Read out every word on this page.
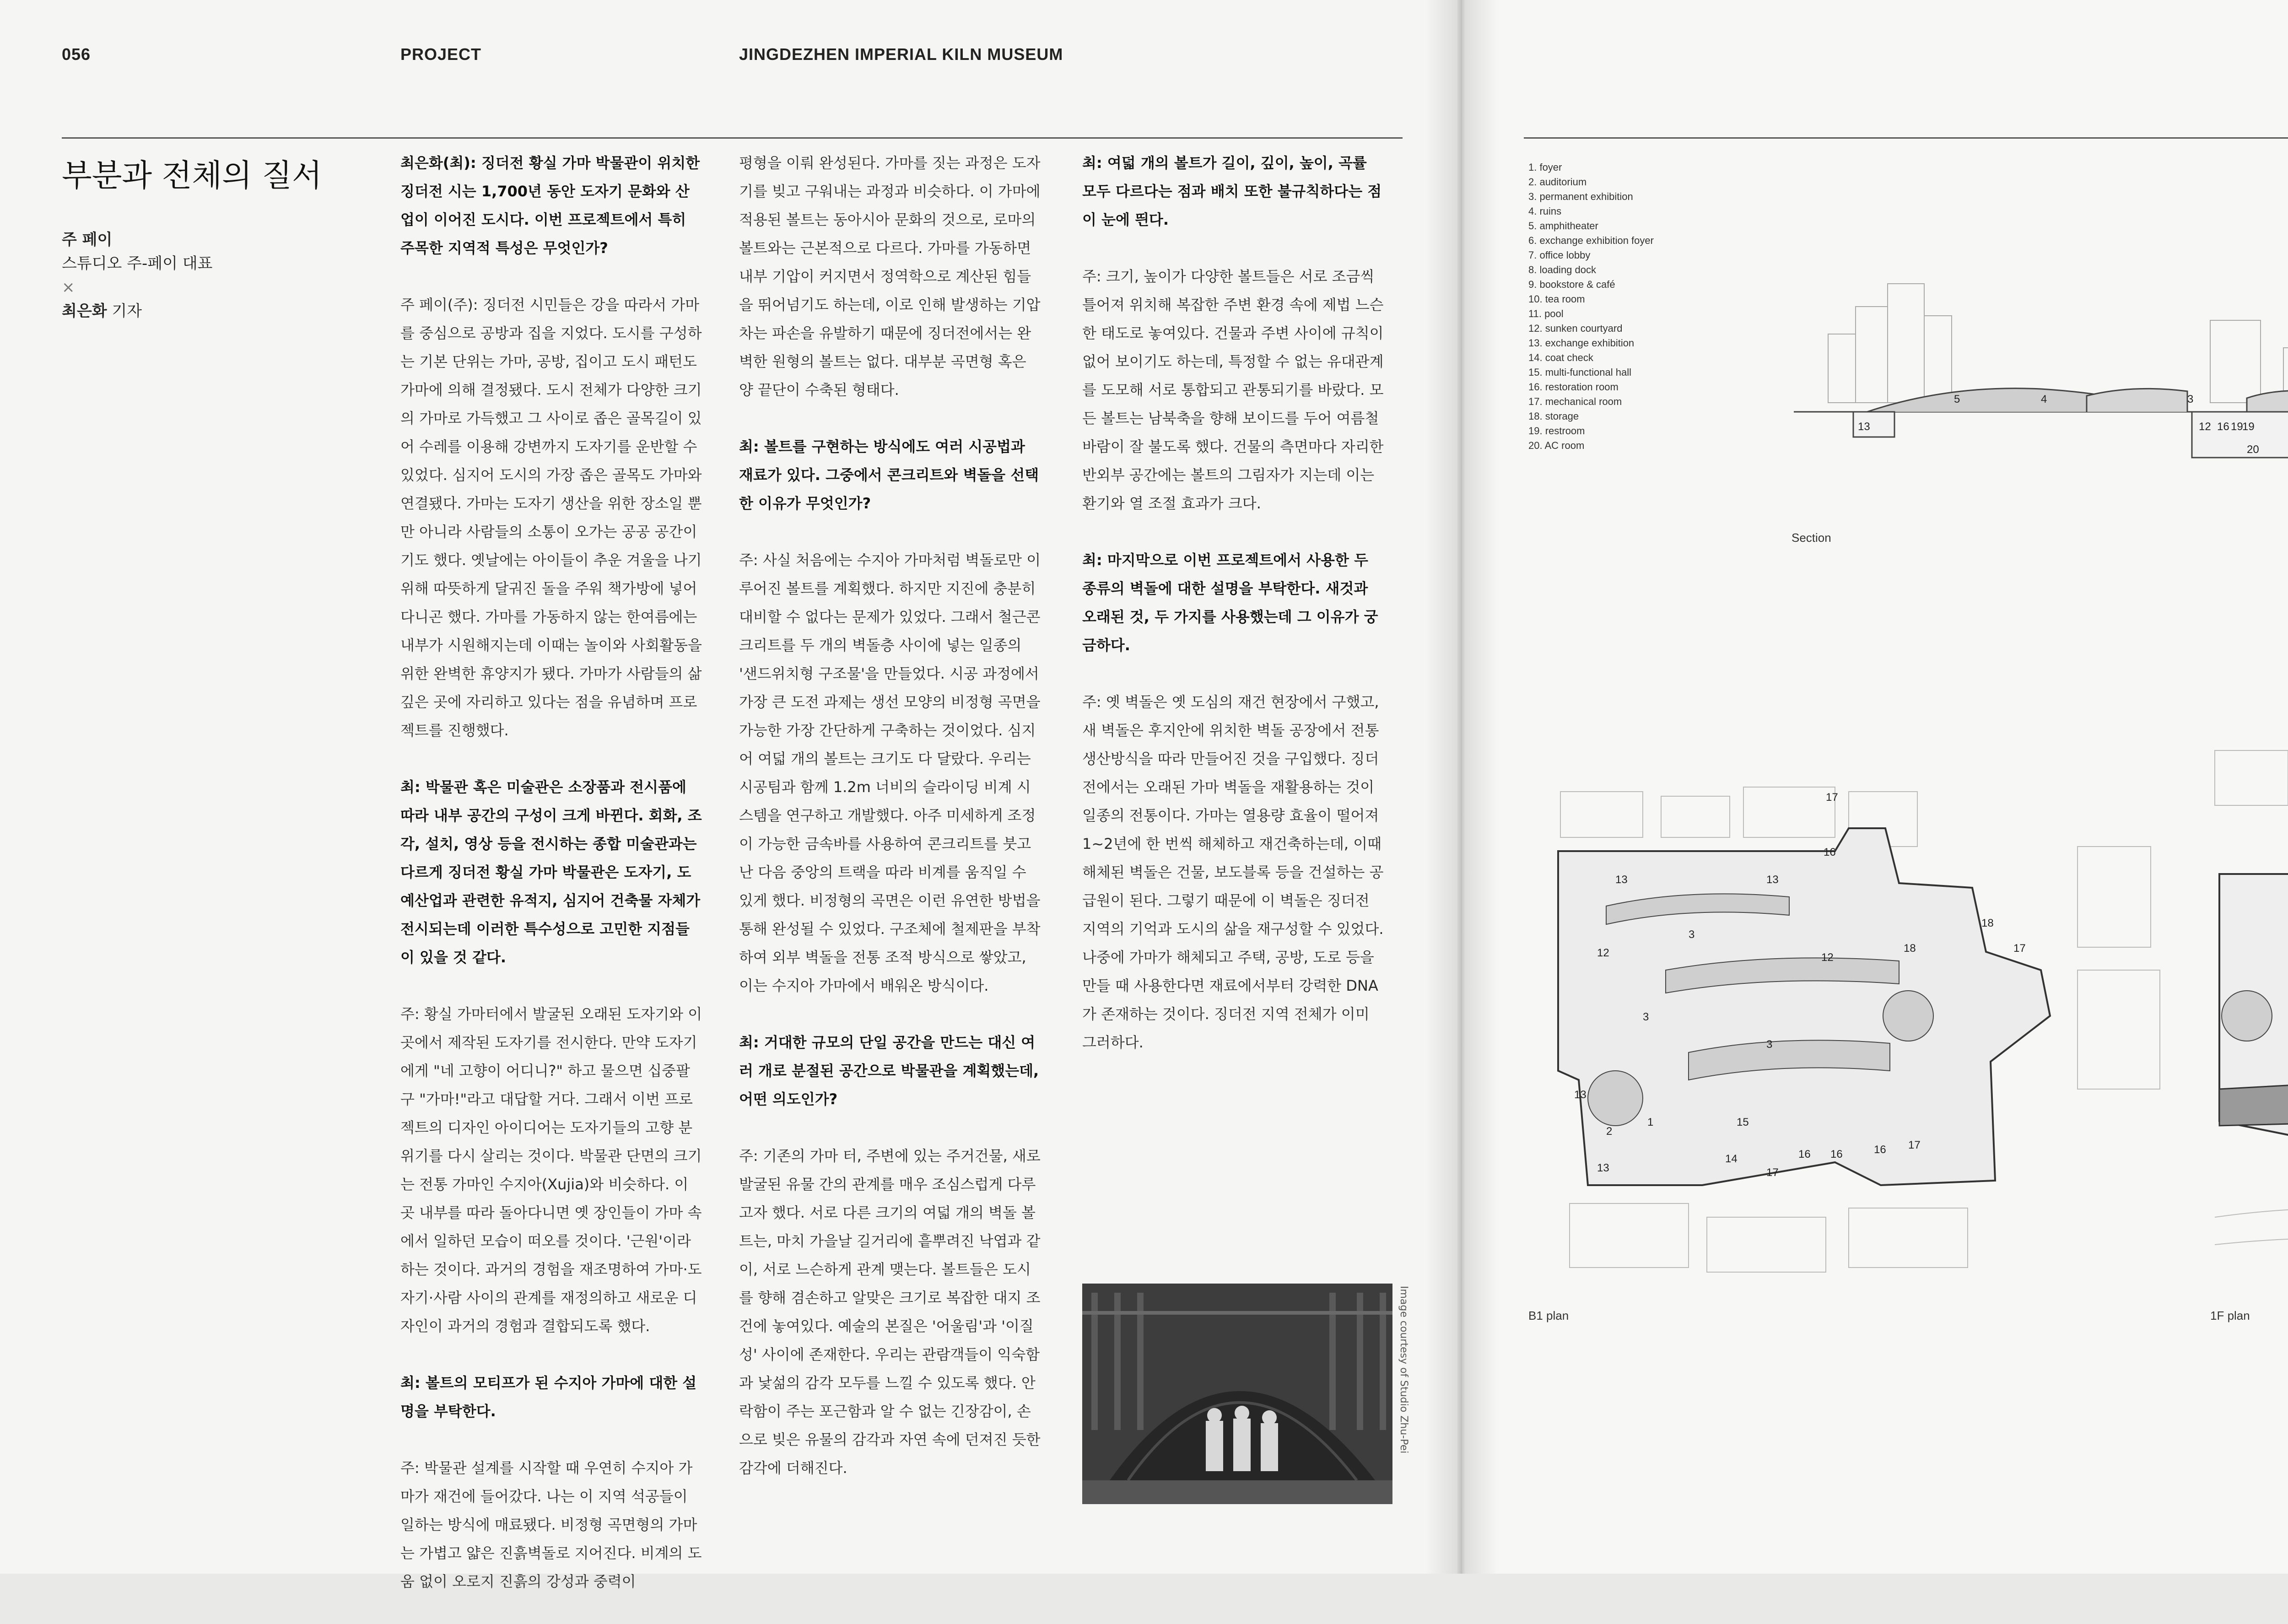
056	PROJECT	JINGDEZHEN IMPERIAL KILN MUSEUM
부분과 전체의 질서
주 페이
스튜디오 주-페이 대표
×
최은화 기자

최은화(최): 징더전 황실 가마 박물관이 위치한 징더전 시는 1,700년 동안 도자기 문화와 산업이 이어진 도시다. 이번 프로젝트에서 특히 주목한 지역적 특성은 무엇인가?

주 페이(주): 징더전 시민들은 강을 따라서 가마를 중심으로 공방과 집을 지었다. 도시를 구성하는 기본 단위는 가마, 공방, 집이고 도시 패턴도 가마에 의해 결정됐다. 도시 전체가 다양한 크기의 가마로 가득했고 그 사이로 좁은 골목길이 있어 수레를 이용해 강변까지 도자기를 운반할 수 있었다. 심지어 도시의 가장 좁은 골목도 가마와 연결됐다. 가마는 도자기 생산을 위한 장소일 뿐만 아니라 사람들의 소통이 오가는 공공 공간이기도 했다. 옛날에는 아이들이 추운 겨울을 나기 위해 따뜻하게 달궈진 돌을 주워 책가방에 넣어 다니곤 했다. 가마를 가동하지 않는 한여름에는 내부가 시원해지는데 이때는 놀이와 사회활동을 위한 완벽한 휴양지가 됐다. 가마가 사람들의 삶 깊은 곳에 자리하고 있다는 점을 유념하며 프로젝트를 진행했다.

최: 박물관 혹은 미술관은 소장품과 전시품에 따라 내부 공간의 구성이 크게 바뀐다. 회화, 조각, 설치, 영상 등을 전시하는 종합 미술관과는 다르게 징더전 황실 가마 박물관은 도자기, 도예산업과 관련한 유적지, 심지어 건축물 자체가 전시되는데 이러한 특수성으로 고민한 지점들이 있을 것 같다.

주: 황실 가마터에서 발굴된 오래된 도자기와 이곳에서 제작된 도자기를 전시한다. 만약 도자기에게 "네 고향이 어디니?" 하고 물으면 십중팔구 "가마!"라고 대답할 거다. 그래서 이번 프로젝트의 디자인 아이디어는 도자기들의 고향 분위기를 다시 살리는 것이다. 박물관 단면의 크기는 전통 가마인 수지아(Xujia)와 비슷하다. 이곳 내부를 따라 돌아다니면 옛 장인들이 가마 속에서 일하던 모습이 떠오를 것이다. '근원'이라 하는 것이다. 과거의 경험을 재조명하여 가마·도자기·사람 사이의 관계를 재정의하고 새로운 디자인이 과거의 경험과 결합되도록 했다.

최: 볼트의 모티프가 된 수지아 가마에 대한 설명을 부탁한다.

주: 박물관 설계를 시작할 때 우연히 수지아 가마가 재건에 들어갔다. 나는 이 지역 석공들이 일하는 방식에 매료됐다. 비정형 곡면형의 가마는 가볍고 얇은 진흙벽돌로 지어진다. 비계의 도움 없이 오로지 진흙의 강성과 중력이

평형을 이뤄 완성된다. 가마를 짓는 과정은 도자기를 빚고 구워내는 과정과 비슷하다. 이 가마에 적용된 볼트는 동아시아 문화의 것으로, 로마의 볼트와는 근본적으로 다르다. 가마를 가동하면 내부 기압이 커지면서 정역학으로 계산된 힘들을 뛰어넘기도 하는데, 이로 인해 발생하는 기압차는 파손을 유발하기 때문에 징더전에서는 완벽한 원형의 볼트는 없다. 대부분 곡면형 혹은 양 끝단이 수축된 형태다.

최: 볼트를 구현하는 방식에도 여러 시공법과 재료가 있다. 그중에서 콘크리트와 벽돌을 선택한 이유가 무엇인가?

주: 사실 처음에는 수지아 가마처럼 벽돌로만 이루어진 볼트를 계획했다. 하지만 지진에 충분히 대비할 수 없다는 문제가 있었다. 그래서 철근콘크리트를 두 개의 벽돌층 사이에 넣는 일종의 '샌드위치형 구조물'을 만들었다. 시공 과정에서 가장 큰 도전 과제는 생선 모양의 비정형 곡면을 가능한 가장 간단하게 구축하는 것이었다. 심지어 여덟 개의 볼트는 크기도 다 달랐다. 우리는 시공팀과 함께 1.2m 너비의 슬라이딩 비계 시스템을 연구하고 개발했다. 아주 미세하게 조정이 가능한 금속바를 사용하여 콘크리트를 붓고 난 다음 중앙의 트랙을 따라 비계를 움직일 수 있게 했다. 비정형의 곡면은 이런 유연한 방법을 통해 완성될 수 있었다. 구조체에 철제판을 부착하여 외부 벽돌을 전통 조적 방식으로 쌓았고, 이는 수지아 가마에서 배워온 방식이다.

최: 거대한 규모의 단일 공간을 만드는 대신 여러 개로 분절된 공간으로 박물관을 계획했는데, 어떤 의도인가?

주: 기존의 가마 터, 주변에 있는 주거건물, 새로 발굴된 유물 간의 관계를 매우 조심스럽게 다루고자 했다. 서로 다른 크기의 여덟 개의 벽돌 볼트는, 마치 가을날 길거리에 흩뿌려진 낙엽과 같이, 서로 느슨하게 관계 맺는다. 볼트들은 도시를 향해 겸손하고 알맞은 크기로 복잡한 대지 조건에 놓여있다. 예술의 본질은 '어울림'과 '이질성' 사이에 존재한다. 우리는 관람객들이 익숙함과 낯섦의 감각 모두를 느낄 수 있도록 했다. 안락함이 주는 포근함과 알 수 없는 긴장감이, 손으로 빚은 유물의 감각과 자연 속에 던져진 듯한 감각에 더해진다.

최: 여덟 개의 볼트가 길이, 깊이, 높이, 곡률 모두 다르다는 점과 배치 또한 불규칙하다는 점이 눈에 띈다.

주: 크기, 높이가 다양한 볼트들은 서로 조금씩 틀어져 위치해 복잡한 주변 환경 속에 제법 느슨한 태도로 놓여있다. 건물과 주변 사이에 규칙이 없어 보이기도 하는데, 특정할 수 없는 유대관계를 도모해 서로 통합되고 관통되기를 바랐다. 모든 볼트는 남북축을 향해 보이드를 두어 여름철 바람이 잘 불도록 했다. 건물의 측면마다 자리한 반외부 공간에는 볼트의 그림자가 지는데 이는 환기와 열 조절 효과가 크다.

최: 마지막으로 이번 프로젝트에서 사용한 두 종류의 벽돌에 대한 설명을 부탁한다. 새것과 오래된 것, 두 가지를 사용했는데 그 이유가 궁금하다.

주: 옛 벽돌은 옛 도심의 재건 현장에서 구했고, 새 벽돌은 후지안에 위치한 벽돌 공장에서 전통 생산방식을 따라 만들어진 것을 구입했다. 징더전에서는 오래된 가마 벽돌을 재활용하는 것이 일종의 전통이다. 가마는 열용량 효율이 떨어져 1~2년에 한 번씩 해체하고 재건축하는데, 이때 해체된 벽돌은 건물, 보도블록 등을 건설하는 공급원이 된다. 그렇기 때문에 이 벽돌은 징더전 지역의 기억과 도시의 삶을 재구성할 수 있었다. 나중에 가마가 해체되고 주택, 공방, 도로 등을 만들 때 사용한다면 재료에서부터 강력한 DNA가 존재하는 것이다. 징더전 지역 전체가 이미 그러하다.

Image courtesy of Studio Zhu-Pei
1. foyer
2. auditorium
3. permanent exhibition
4. ruins
5. amphitheater
6. exchange exhibition foyer
7. office lobby
8. loading dock
9. bookstore & café
10. tea room
11. pool
12. sunken courtyard
13. exchange exhibition
14. coat check
15. multi-functional hall
16. restoration room
17. mechanical room
18. storage
19. restroom
20. AC room
13
5	4	3
12 16 19
19
20
Section
13	13
17
16
3
18
17
12	18
12
3
3
13
2
1	15
16 16	16 17
14
17
13
B1 plan	1F plan
